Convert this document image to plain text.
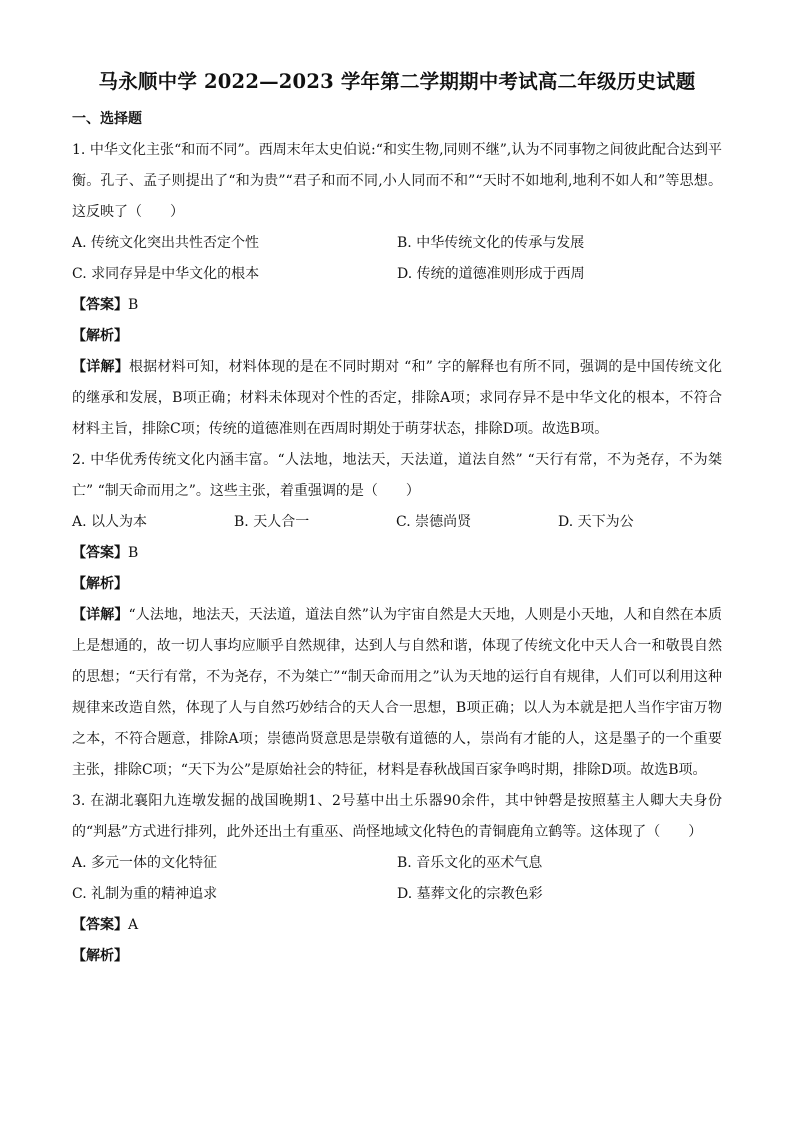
马永顺中学 2022—2023 学年第二学期期中考试高二年级历史试题
一、选择题
1. 中华文化主张“和而不同”。西周末年太史伯说:“和实生物,同则不继”,认为不同事物之间彼此配合达到平衡。孔子、孟子则提出了“和为贵”“君子和而不同,小人同而不和”“天时不如地利,地利不如人和”等思想。这反映了（　　）
A. 传统文化突出共性否定个性	B. 中华传统文化的传承与发展
C. 求同存异是中华文化的根本	D. 传统的道德准则形成于西周
【答案】B
【解析】
【详解】根据材料可知，材料体现的是在不同时期对 “和” 字的解释也有所不同，强调的是中国传统文化的继承和发展，B项正确；材料未体现对个性的否定，排除A项；求同存异不是中华文化的根本，不符合材料主旨，排除C项；传统的道德准则在西周时期处于萌芽状态，排除D项。故选B项。
2. 中华优秀传统文化内涵丰富。“人法地，地法天，天法道，道法自然” “天行有常，不为尧存，不为桀亡” “制天命而用之”。这些主张，着重强调的是（　　）
A. 以人为本	B. 天人合一	C. 崇德尚贤	D. 天下为公
【答案】B
【解析】
【详解】“人法地，地法天，天法道，道法自然”认为宇宙自然是大天地，人则是小天地，人和自然在本质上是想通的，故一切人事均应顺乎自然规律，达到人与自然和谐，体现了传统文化中天人合一和敬畏自然的思想；“天行有常，不为尧存，不为桀亡”“制天命而用之”认为天地的运行自有规律，人们可以利用这种规律来改造自然，体现了人与自然巧妙结合的天人合一思想，B项正确；以人为本就是把人当作宇宙万物之本，不符合题意，排除A项；崇德尚贤意思是崇敬有道德的人，崇尚有才能的人，这是墨子的一个重要主张，排除C项；“天下为公”是原始社会的特征，材料是春秋战国百家争鸣时期，排除D项。故选B项。
3. 在湖北襄阳九连墩发掘的战国晚期1、2号墓中出土乐器90余件，其中钟磬是按照墓主人卿大夫身份的“判悬”方式进行排列，此外还出土有重巫、尚怪地域文化特色的青铜鹿角立鹤等。这体现了（　　）
A. 多元一体的文化特征	B. 音乐文化的巫术气息
C. 礼制为重的精神追求	D. 墓葬文化的宗教色彩
【答案】A
【解析】
